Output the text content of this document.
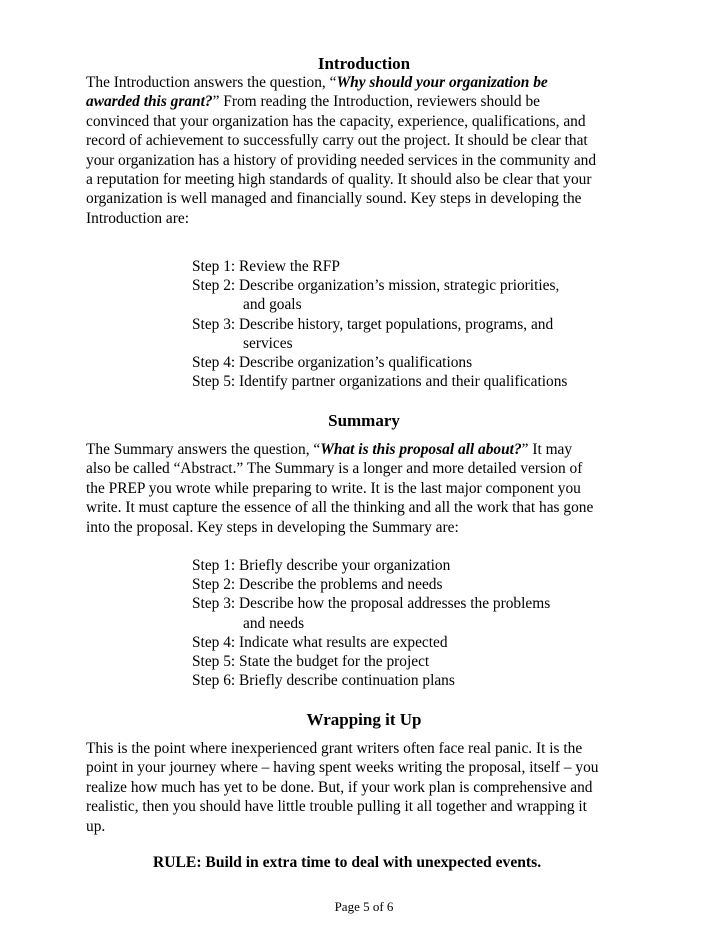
Introduction
The Introduction answers the question, “Why should your organization be
awarded this grant?” From reading the Introduction, reviewers should be
convinced that your organization has the capacity, experience, qualifications, and
record of achievement to successfully carry out the project. It should be clear that
your organization has a history of providing needed services in the community and
a reputation for meeting high standards of quality. It should also be clear that your
organization is well managed and financially sound. Key steps in developing the
Introduction are:
Step 1: Review the RFP
Step 2: Describe organization’s mission, strategic priorities,
and goals
Step 3: Describe history, target populations, programs, and
services
Step 4: Describe organization’s qualifications
Step 5: Identify partner organizations and their qualifications
Summary
The Summary answers the question, “What is this proposal all about?” It may
also be called “Abstract.” The Summary is a longer and more detailed version of
the PREP you wrote while preparing to write. It is the last major component you
write. It must capture the essence of all the thinking and all the work that has gone
into the proposal. Key steps in developing the Summary are:
Step 1: Briefly describe your organization
Step 2: Describe the problems and needs
Step 3: Describe how the proposal addresses the problems
and needs
Step 4: Indicate what results are expected
Step 5: State the budget for the project
Step 6: Briefly describe continuation plans
Wrapping it Up
This is the point where inexperienced grant writers often face real panic. It is the
point in your journey where – having spent weeks writing the proposal, itself – you
realize how much has yet to be done. But, if your work plan is comprehensive and
realistic, then you should have little trouble pulling it all together and wrapping it
up.
RULE: Build in extra time to deal with unexpected events.
Page 5 of 6
